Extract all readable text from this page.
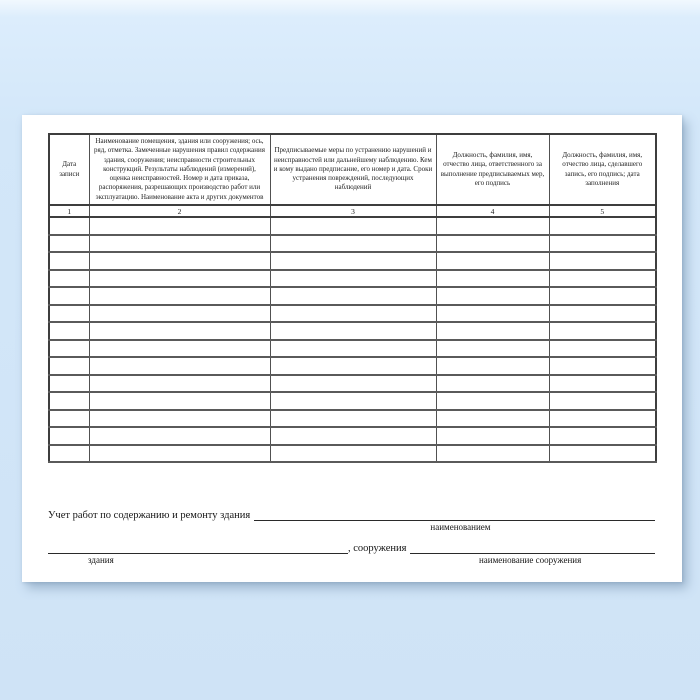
Дата записи	Наименование помещения, здания или сооружения; ось, ряд, отметка. Замеченные нарушения правил содержания здания, сооружения; неисправности строительных конструкций. Результаты наблюдений (измерений), оценка неисправностей. Номер и дата приказа, распоряжения, разрешающих производство работ или эксплуатацию. Наименование акта и других документов	Предписываемые меры по устранению нарушений и неисправностей или дальнейшему наблюдению. Кем и кому выдано предписание, его номер и дата. Сроки устранения повреждений, последующих наблюдений	Должность, фамилия, имя, отчество лица, ответственного за выполнение предписываемых мер, его подпись	Должность, фамилия, имя, отчество лица, сделавшего запись, его подпись; дата заполнения
1	2	3	4	5

Учет работ по содержанию и ремонту здания
наименованием
, сооружения
здания	наименование сооружения
